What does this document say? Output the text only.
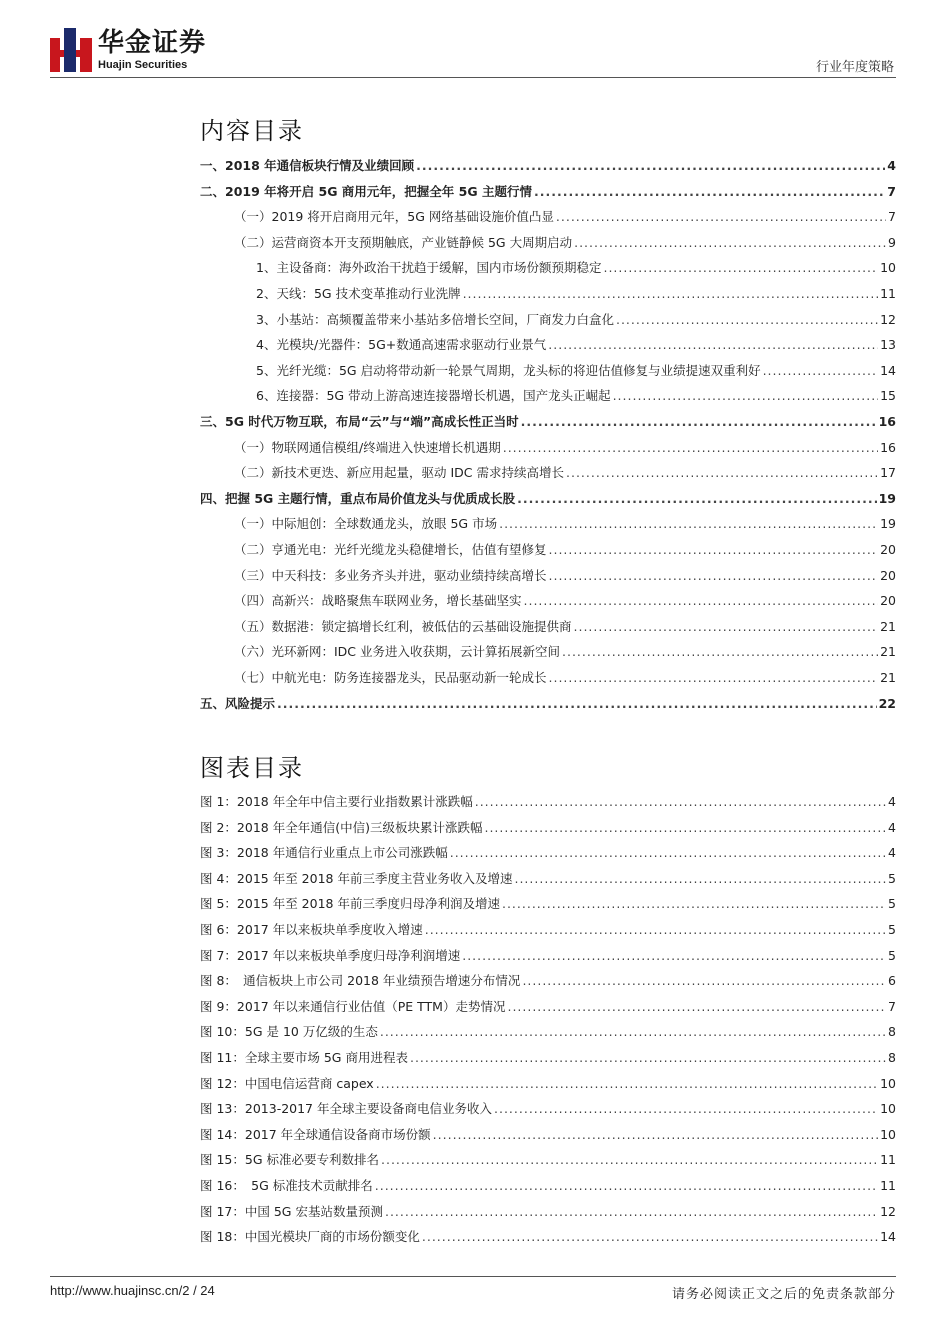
华金证券
Huajin Securities	行业年度策略
内容目录
一、2018 年通信板块行情及业绩回顾 .....	4
二、2019 年将开启 5G 商用元年，把握全年 5G 主题行情 .....	7
（一）2019 将开启商用元年，5G 网络基础设施价值凸显 .....	7
（二）运营商资本开支预期触底，产业链静候 5G 大周期启动 .....	9
1、主设备商：海外政治干扰趋于缓解，国内市场份额预期稳定 .....	10
2、天线：5G 技术变革推动行业洗牌 .....	11
3、小基站：高频覆盖带来小基站多倍增长空间，厂商发力白盒化 .....	12
4、光模块/光器件：5G+数通高速需求驱动行业景气 .....	13
5、光纤光缆：5G 启动将带动新一轮景气周期，龙头标的将迎估值修复与业绩提速双重利好 .....	14
6、连接器：5G 带动上游高速连接器增长机遇，国产龙头正崛起 .....	15
三、5G 时代万物互联，布局“云”与“端”高成长性正当时 .....	16
（一）物联网通信模组/终端进入快速增长机遇期 .....	16
（二）新技术更迭、新应用起量，驱动 IDC 需求持续高增长 .....	17
四、把握 5G 主题行情，重点布局价值龙头与优质成长股 .....	19
（一）中际旭创：全球数通龙头，放眼 5G 市场 .....	19
（二）亨通光电：光纤光缆龙头稳健增长，估值有望修复 .....	20
（三）中天科技：多业务齐头并进，驱动业绩持续高增长 .....	20
（四）高新兴：战略聚焦车联网业务，增长基础坚实 .....	20
（五）数据港：锁定搞增长红利，被低估的云基础设施提供商 .....	21
（六）光环新网：IDC 业务进入收获期，云计算拓展新空间 .....	21
（七）中航光电：防务连接器龙头，民品驱动新一轮成长 .....	21
五、风险提示 .....	22
图表目录
图 1：2018 年全年中信主要行业指数累计涨跌幅 .....	4
图 2：2018 年全年通信(中信)三级板块累计涨跌幅 .....	4
图 3：2018 年通信行业重点上市公司涨跌幅 .....	4
图 4：2015 年至 2018 年前三季度主营业务收入及增速 .....	5
图 5：2015 年至 2018 年前三季度归母净利润及增速 .....	5
图 6：2017 年以来板块单季度收入增速 .....	5
图 7：2017 年以来板块单季度归母净利润增速 .....	5
图 8：　通信板块上市公司 2018 年业绩预告增速分布情况 .....	6
图 9：2017 年以来通信行业估值（PE TTM）走势情况 .....	7
图 10：5G 是 10 万亿级的生态 .....	8
图 11：全球主要市场 5G 商用进程表 .....	8
图 12：中国电信运营商 capex .....	10
图 13：2013-2017 年全球主要设备商电信业务收入 .....	10
图 14：2017 年全球通信设备商市场份额 .....	10
图 15：5G 标准必要专利数排名 .....	11
图 16：　5G 标准技术贡献排名 .....	11
图 17：中国 5G 宏基站数量预测 .....	12
图 18：中国光模块厂商的市场份额变化 .....	14
http://www.huajinsc.cn/2 / 24	请务必阅读正文之后的免责条款部分
